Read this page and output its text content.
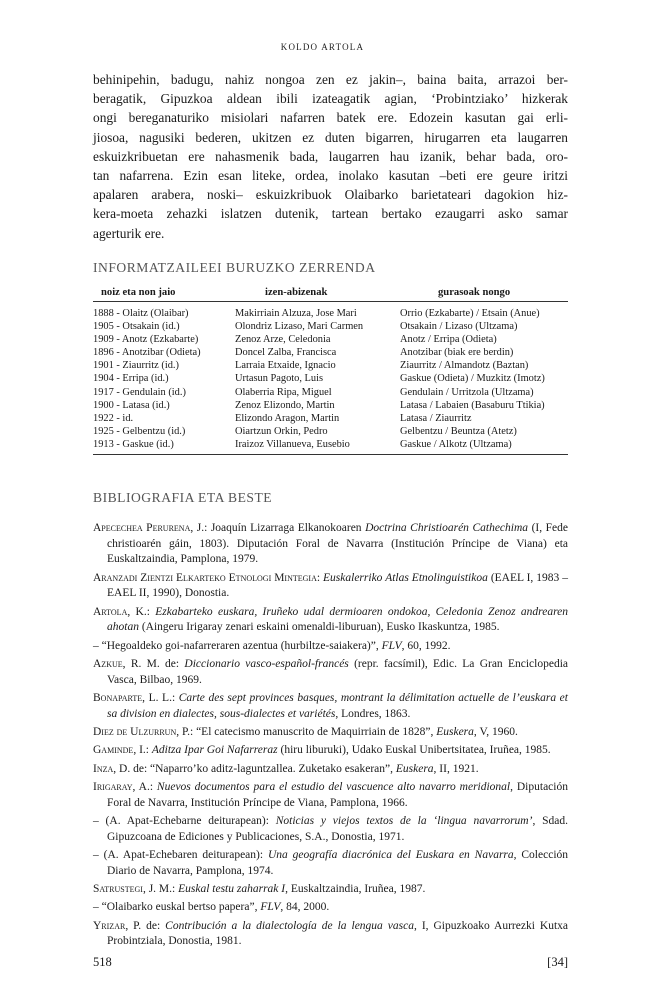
KOLDO ARTOLA
behinipehin, badugu, nahiz nongoa zen ez jakin–, baina baita, arrazoi ber-
beragatik, Gipuzkoa aldean ibili izateagatik agian, ‘Probintziako’ hizkerak
ongi bereganaturiko misiolari nafarren batek ere. Edozein kasutan gai erli-
jiosoa, nagusiki bederen, ukitzen ez duten bigarren, hirugarren eta laugarren
eskuizkribuetan ere nahasmenik bada, laugarren hau izanik, behar bada, oro-
tan nafarrena. Ezin esan liteke, ordea, inolako kasutan –beti ere geure iritzi
apalaren arabera, noski– eskuizkribuok Olaibarko barietateari dagokion hiz-
kera-moeta zehazki islatzen dutenik, tartean bertako ezaugarri asko samar
agerturik ere.
INFORMATZAILEEI BURUZKO ZERRENDA
noiz eta non jaio	izen-abizenak	gurasoak nongo
1888 - Olaitz (Olaibar)	Makirriain Alzuza, Jose Mari	Orrio (Ezkabarte) / Etsain (Anue)
1905 - Otsakain (id.)	Olondriz Lizaso, Mari Carmen	Otsakain / Lizaso (Ultzama)
1909 - Anotz (Ezkabarte)	Zenoz Arze, Celedonia	Anotz / Erripa (Odieta)
1896 - Anotzibar (Odieta)	Doncel Zalba, Francisca	Anotzibar (biak ere berdin)
1901 - Ziaurritz (id.)	Larraia Etxaide, Ignacio	Ziaurritz / Almandotz (Baztan)
1904 - Erripa (id.)	Urtasun Pagoto, Luis	Gaskue (Odieta) / Muzkitz (Imotz)
1917 - Gendulain (id.)	Olaberria Ripa, Miguel	Gendulain / Urritzola (Ultzama)
1900 - Latasa (id.)	Zenoz Elizondo, Martin	Latasa / Labaien (Basaburu Ttikia)
1922 - id.	Elizondo Aragon, Martin	Latasa / Ziaurritz
1925 - Gelbentzu (id.)	Oiartzun Orkin, Pedro	Gelbentzu / Beuntza (Atetz)
1913 - Gaskue (id.)	Iraizoz Villanueva, Eusebio	Gaskue / Alkotz (Ultzama)
BIBLIOGRAFIA ETA BESTE

Apecechea Perurena, J.: Joaquín Lizarraga Elkanokoaren Doctrina Christioarén Cathechima (I, Fede christioarén gáin, 1803). Diputación Foral de Navarra (Institución Príncipe de Viana) eta Euskaltzaindia, Pamplona, 1979.

Aranzadi Zientzi Elkarteko Etnologi Mintegia: Euskalerriko Atlas Etnolinguistikoa (EAEL I, 1983 – EAEL II, 1990), Donostia.

Artola, K.: Ezkabarteko euskara, Iruñeko udal dermioaren ondokoa, Celedonia Zenoz andrearen ahotan (Aingeru Irigaray zenari eskaini omenaldi-liburuan), Eusko Ikaskuntza, 1985.

– “Hegoaldeko goi-nafarreraren azentua (hurbiltze-saiakera)”, FLV, 60, 1992.

Azkue, R. M. de: Diccionario vasco-español-francés (repr. facsímil), Edic. La Gran Enciclopedia Vasca, Bilbao, 1969.

Bonaparte, L. L.: Carte des sept provinces basques, montrant la délimitation actuelle de l’euskara et sa division en dialectes, sous-dialectes et variétés, Londres, 1863.

Diez de Ulzurrun, P.: “El catecismo manuscrito de Maquirriain de 1828”, Euskera, V, 1960.

Gaminde, I.: Aditza Ipar Goi Nafarreraz (hiru liburuki), Udako Euskal Unibertsitatea, Iruñea, 1985.

Inza, D. de: “Naparro’ko aditz-laguntzallea. Zuketako esakeran”, Euskera, II, 1921.

Irigaray, A.: Nuevos documentos para el estudio del vascuence alto navarro meridional, Diputación Foral de Navarra, Institución Príncipe de Viana, Pamplona, 1966.

– (A. Apat-Echebarne deiturapean): Noticias y viejos textos de la ‘lingua navarrorum’, Sdad. Gipuzcoana de Ediciones y Publicaciones, S.A., Donostia, 1971.

– (A. Apat-Echebaren deiturapean): Una geografía diacrónica del Euskara en Navarra, Colección Diario de Navarra, Pamplona, 1974.

Satrustegi, J. M.: Euskal testu zaharrak I, Euskaltzaindia, Iruñea, 1987.

– “Olaibarko euskal bertso papera”, FLV, 84, 2000.

Yrizar, P. de: Contribución a la dialectología de la lengua vasca, I, Gipuzkoako Aurrezki Kutxa Probintziala, Donostia, 1981.

518	[34]
